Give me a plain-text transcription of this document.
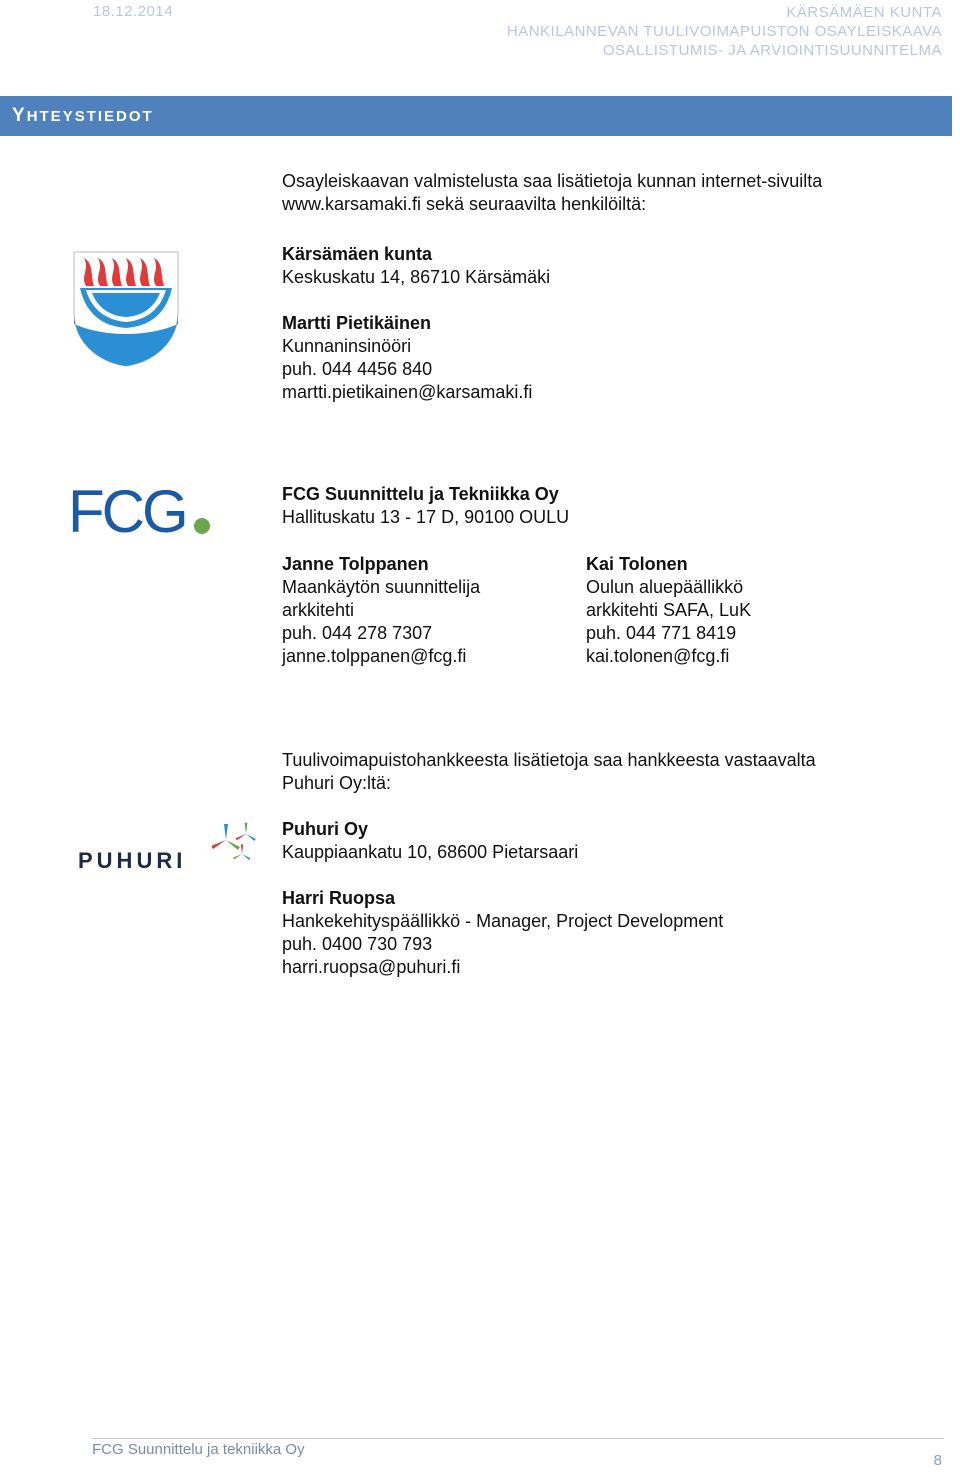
18.12.2014	KÄRSÄMÄEN KUNTA
HANKILANNEVAN TUULIVOIMAPUISTON OSAYLEISKAAVA
OSALLISTUMIS- JA ARVIOINTISUUNNITELMA
YHTEYSTIEDOT
Osayleiskaavan valmistelusta saa lisätietoja kunnan internet-sivuilta
www.karsamaki.fi sekä seuraavilta henkilöiltä:
Kärsämäen kunta
Keskuskatu 14, 86710 Kärsämäki
Martti Pietikäinen
Kunnaninsinööri
puh. 044 4456 840
martti.pietikainen@karsamaki.fi
FCG	FCG Suunnittelu ja Tekniikka Oy
Hallituskatu 13 - 17 D, 90100 OULU
Janne Tolppanen
Maankäytön suunnittelija
arkkitehti
puh. 044 278 7307
janne.tolppanen@fcg.fi
Kai Tolonen
Oulun aluepäällikkö
arkkitehti SAFA, LuK
puh. 044 771 8419
kai.tolonen@fcg.fi
Tuulivoimapuistohankkeesta lisätietoja saa hankkeesta vastaavalta
Puhuri Oy:ltä:
PUHURI
Puhuri Oy
Kauppiaankatu 10, 68600 Pietarsaari
Harri Ruopsa
Hankekehityspäällikkö - Manager, Project Development
puh. 0400 730 793
harri.ruopsa@puhuri.fi
FCG Suunnittelu ja tekniikka Oy
8
